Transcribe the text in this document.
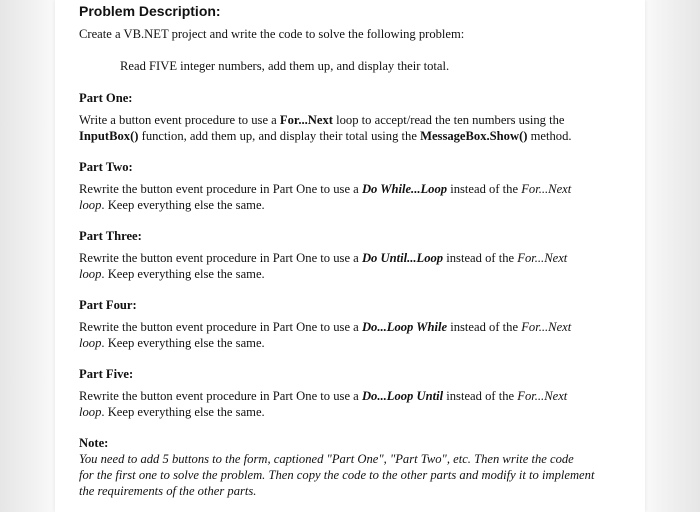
Problem Description:
Create a VB.NET project and write the code to solve the following problem:
Read FIVE integer numbers, add them up, and display their total.
Part One:
Write a button event procedure to use a For...Next loop to accept/read the ten numbers using the
InputBox() function, add them up, and display their total using the MessageBox.Show() method.
Part Two:
Rewrite the button event procedure in Part One to use a Do While...Loop instead of the For...Next
loop. Keep everything else the same.
Part Three:
Rewrite the button event procedure in Part One to use a Do Until...Loop instead of the For...Next
loop. Keep everything else the same.
Part Four:
Rewrite the button event procedure in Part One to use a Do...Loop While instead of the For...Next
loop. Keep everything else the same.
Part Five:
Rewrite the button event procedure in Part One to use a Do...Loop Until instead of the For...Next
loop. Keep everything else the same.
Note:
You need to add 5 buttons to the form, captioned "Part One", "Part Two", etc. Then write the code
for the first one to solve the problem. Then copy the code to the other parts and modify it to implement
the requirements of the other parts.
